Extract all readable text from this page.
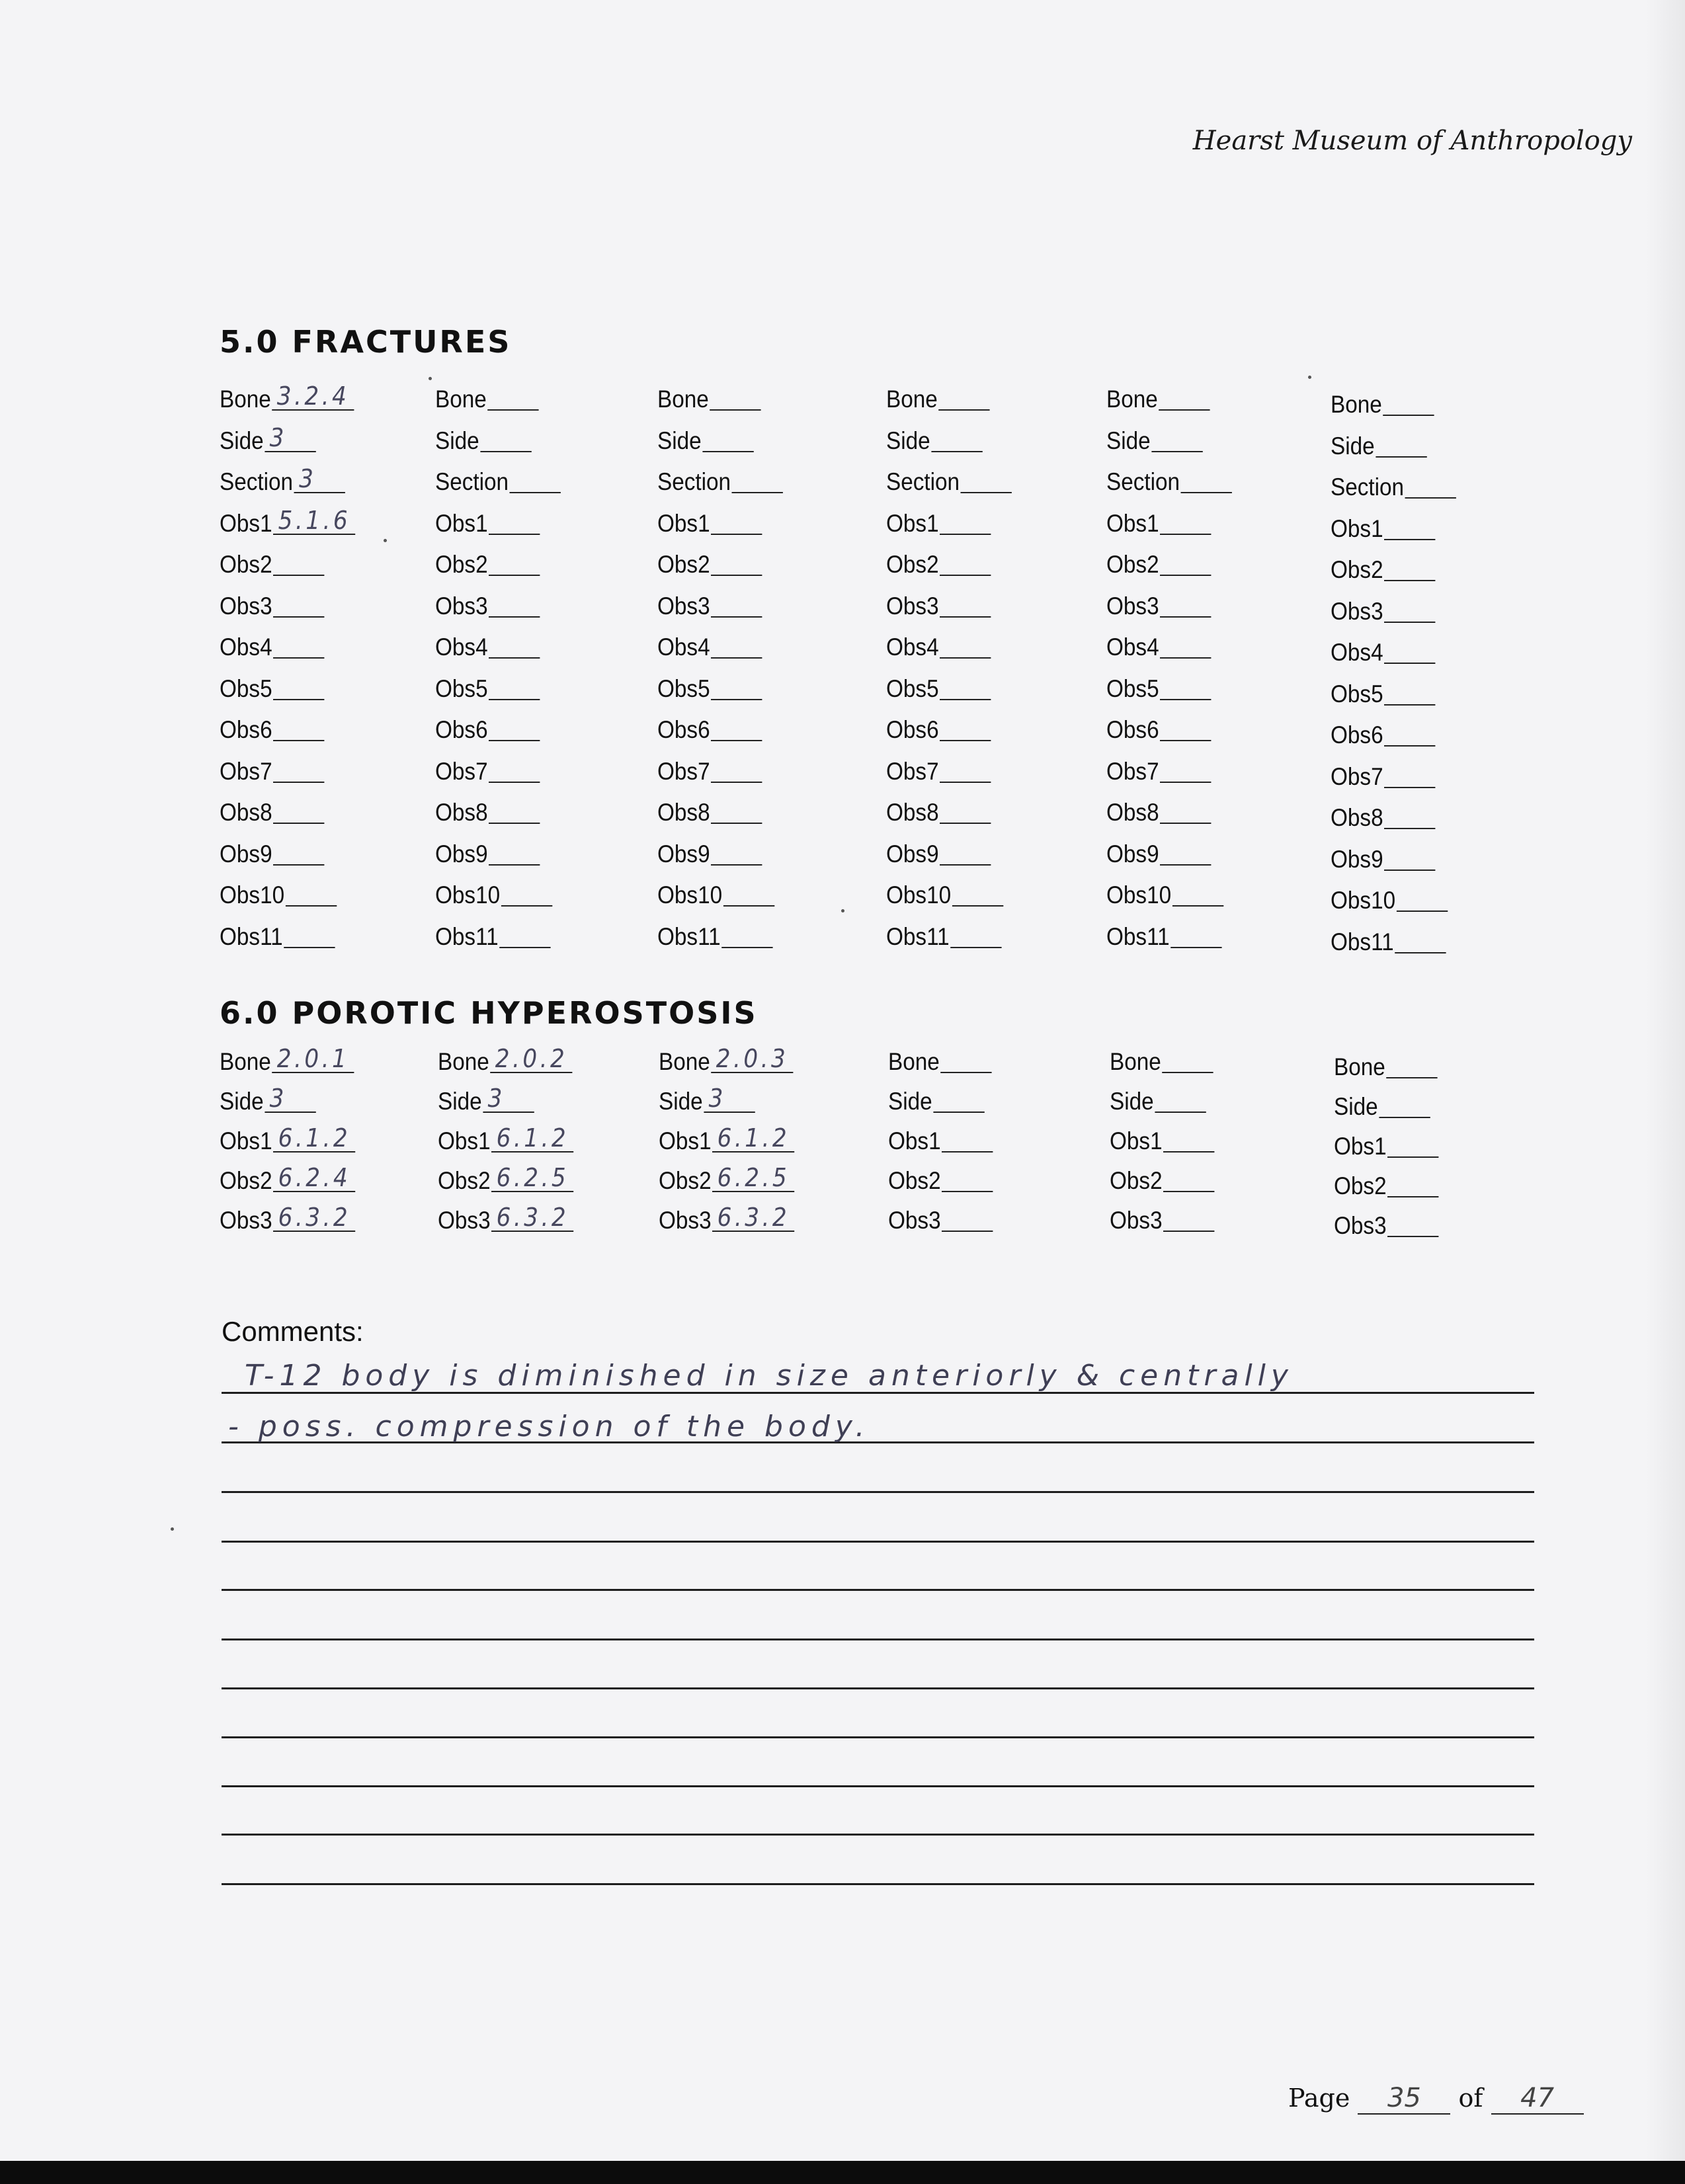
Hearst Museum of Anthropology
5.0 FRACTURES
Bone 3.2.4
Side 3
Section 3
Obs1 5.1.6
Obs2
Obs3
Obs4
Obs5
Obs6
Obs7
Obs8
Obs9
Obs10
Obs11
Bone
Side
Section
Obs1
Obs2
Obs3
Obs4
Obs5
Obs6
Obs7
Obs8
Obs9
Obs10
Obs11
Bone
Side
Section
Obs1
Obs2
Obs3
Obs4
Obs5
Obs6
Obs7
Obs8
Obs9
Obs10
Obs11
Bone
Side
Section
Obs1
Obs2
Obs3
Obs4
Obs5
Obs6
Obs7
Obs8
Obs9
Obs10
Obs11
Bone
Side
Section
Obs1
Obs2
Obs3
Obs4
Obs5
Obs6
Obs7
Obs8
Obs9
Obs10
Obs11
Bone
Side
Section
Obs1
Obs2
Obs3
Obs4
Obs5
Obs6
Obs7
Obs8
Obs9
Obs10
Obs11
6.0 POROTIC HYPEROSTOSIS
Bone 2.0.1
Side 3
Obs1 6.1.2
Obs2 6.2.4
Obs3 6.3.2
Bone 2.0.2
Side 3
Obs1 6.1.2
Obs2 6.2.5
Obs3 6.3.2
Bone 2.0.3
Side 3
Obs1 6.1.2
Obs2 6.2.5
Obs3 6.3.2
Bone
Side
Obs1
Obs2
Obs3
Bone
Side
Obs1
Obs2
Obs3
Bone
Side
Obs1
Obs2
Obs3
Comments:
T-12 body is diminished in size anteriorly & centrally
- poss. compression of the body.
Page 35 of 47
